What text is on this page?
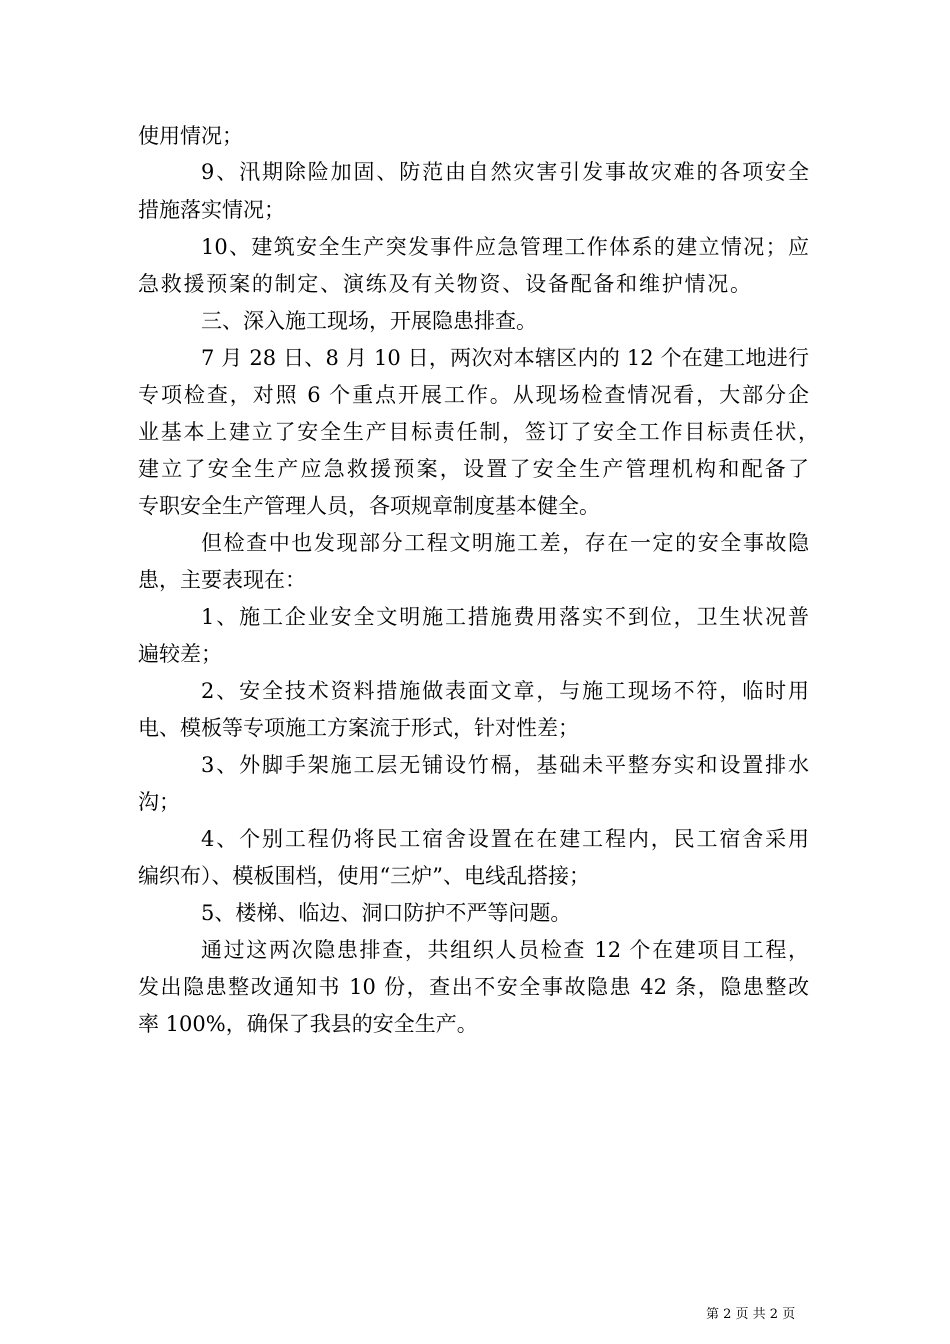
使用情况；
9、汛期除险加固、防范由自然灾害引发事故灾难的各项安全
措施落实情况；
10、建筑安全生产突发事件应急管理工作体系的建立情况；应
急救援预案的制定、演练及有关物资、设备配备和维护情况。
三、深入施工现场，开展隐患排查。
7 月 28 日、8 月 10 日，两次对本辖区内的 12 个在建工地进行
专项检查，对照 6 个重点开展工作。从现场检查情况看，大部分企
业基本上建立了安全生产目标责任制，签订了安全工作目标责任状，
建立了安全生产应急救援预案，设置了安全生产管理机构和配备了
专职安全生产管理人员，各项规章制度基本健全。
但检查中也发现部分工程文明施工差，存在一定的安全事故隐
患，主要表现在：
1、施工企业安全文明施工措施费用落实不到位，卫生状况普
遍较差；
2、安全技术资料措施做表面文章，与施工现场不符，临时用
电、模板等专项施工方案流于形式，针对性差；
3、外脚手架施工层无铺设竹槅，基础未平整夯实和设置排水
沟；
4、个别工程仍将民工宿舍设置在在建工程内，民工宿舍采用
编织布）、模板围档，使用“三炉”、电线乱搭接；
5、楼梯、临边、洞口防护不严等问题。
通过这两次隐患排查，共组织人员检查 12 个在建项目工程，
发出隐患整改通知书 10 份，查出不安全事故隐患 42 条，隐患整改
率 100%，确保了我县的安全生产。
第 2 页 共 2 页
